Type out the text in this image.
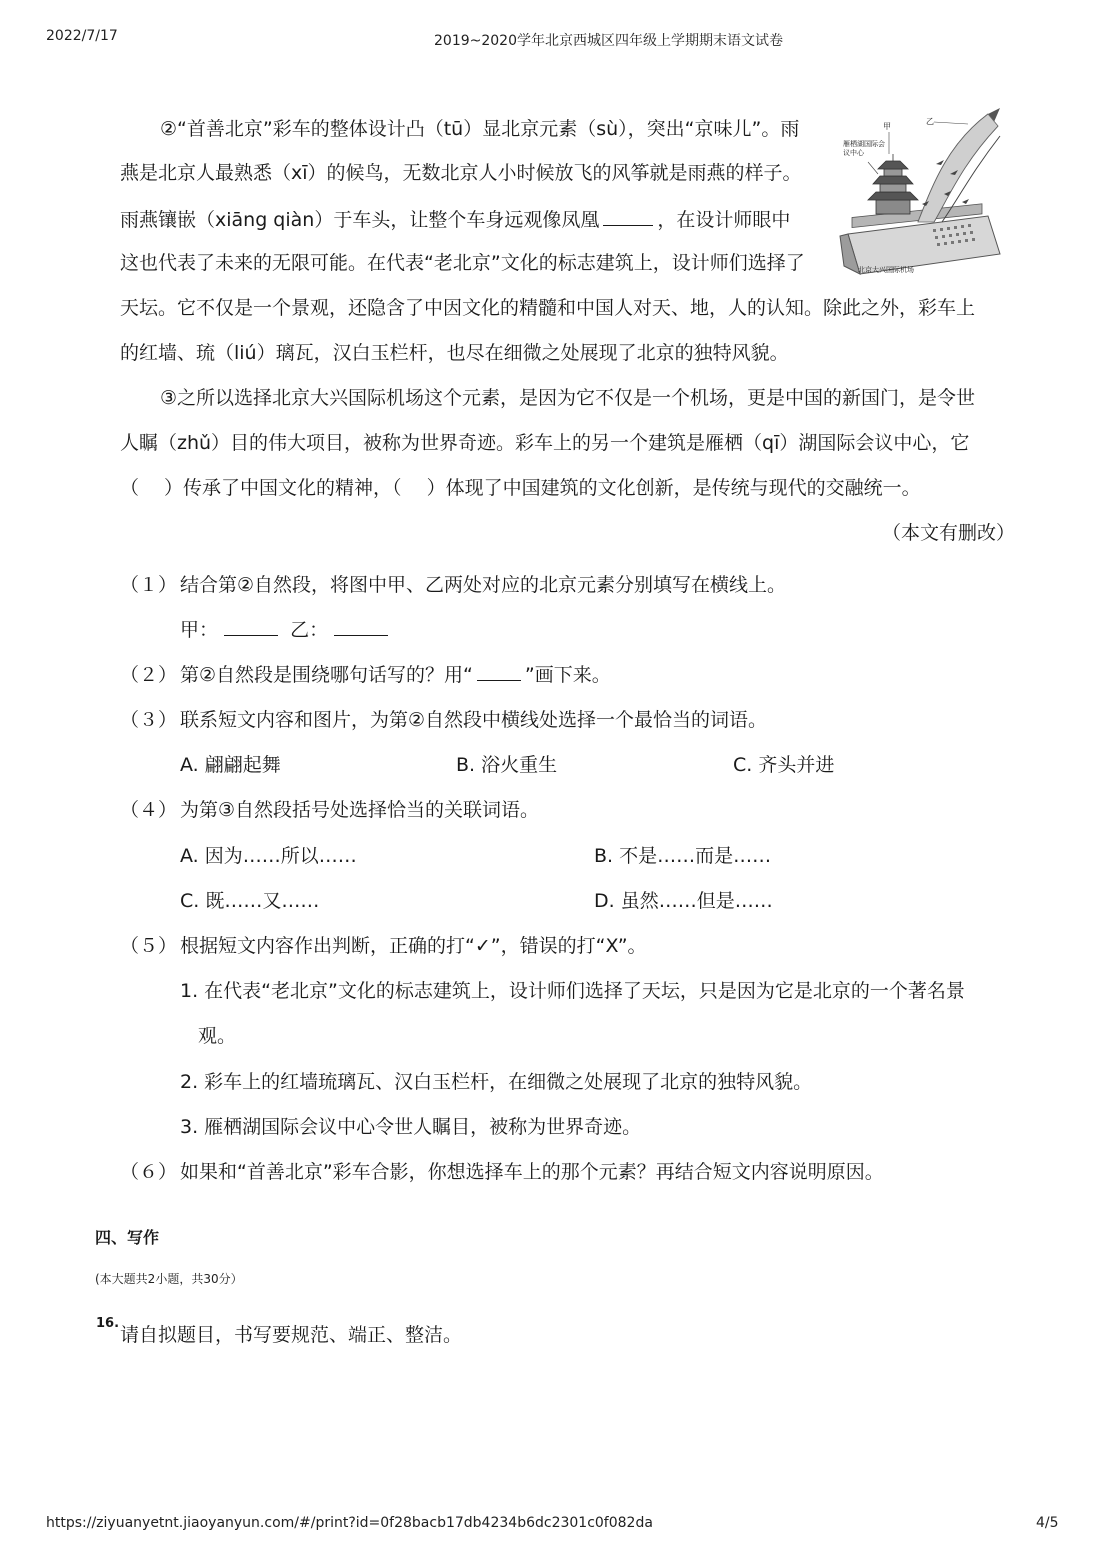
2022/7/17	2019~2020学年北京西城区四年级上学期期末语文试卷
②“首善北京”彩车的整体设计凸（tū）显北京元素（sù），突出“京味儿”。雨
燕是北京人最熟悉（xī）的候鸟，无数北京人小时候放飞的风筝就是雨燕的样子。
雨燕镶嵌（xiāng qiàn）于车头，让整个车身远观像凤凰	，在设计师眼中
这也代表了未来的无限可能。在代表“老北京”文化的标志建筑上，设计师们选择了
天坛。它不仅是一个景观，还隐含了中因文化的精髓和中国人对天、地，人的认知。除此之外，彩车上
的红墙、琉（liú）璃瓦，汉白玉栏杆，也尽在细微之处展现了北京的独特风貌。
甲
乙
雁栖湖国际会议中心
北京大兴国际机场
③之所以选择北京大兴国际机场这个元素，是因为它不仅是一个机场，更是中国的新国门，是令世
人瞩（zhǔ）目的伟大项目，被称为世界奇迹。彩车上的另一个建筑是雁栖（qī）湖国际会议中心，它
（　 ）传承了中国文化的精神，（　 ）体现了中国建筑的文化创新，是传统与现代的交融统一。
（本文有删改）
（１） 结合第②自然段，将图中甲、乙两处对应的北京元素分别填写在横线上。
甲：	乙：
（２） 第②自然段是围绕哪句话写的？用“	”画下来。
（３） 联系短文内容和图片，为第②自然段中横线处选择一个最恰当的词语。
A. 翩翩起舞	B. 浴火重生	C. 齐头并进
（４） 为第③自然段括号处选择恰当的关联词语。
A. 因为……所以……	B. 不是……而是……
C. 既……又……	D. 虽然……但是……
（５） 根据短文内容作出判断，正确的打“✓”，错误的打“X”。
1. 在代表“老北京”文化的标志建筑上，设计师们选择了天坛，只是因为它是北京的一个著名景
观。
2. 彩车上的红墙琉璃瓦、汉白玉栏杆，在细微之处展现了北京的独特风貌。
3. 雁栖湖国际会议中心令世人瞩目，被称为世界奇迹。
（６） 如果和“首善北京”彩车合影，你想选择车上的那个元素？再结合短文内容说明原因。
四、写作
(本大题共2小题，共30分）
16.
请自拟题目，书写要规范、端正、整洁。
https://ziyuanyetnt.jiaoyanyun.com/#/print?id=0f28bacb17db4234b6dc2301c0f082da	4/5
